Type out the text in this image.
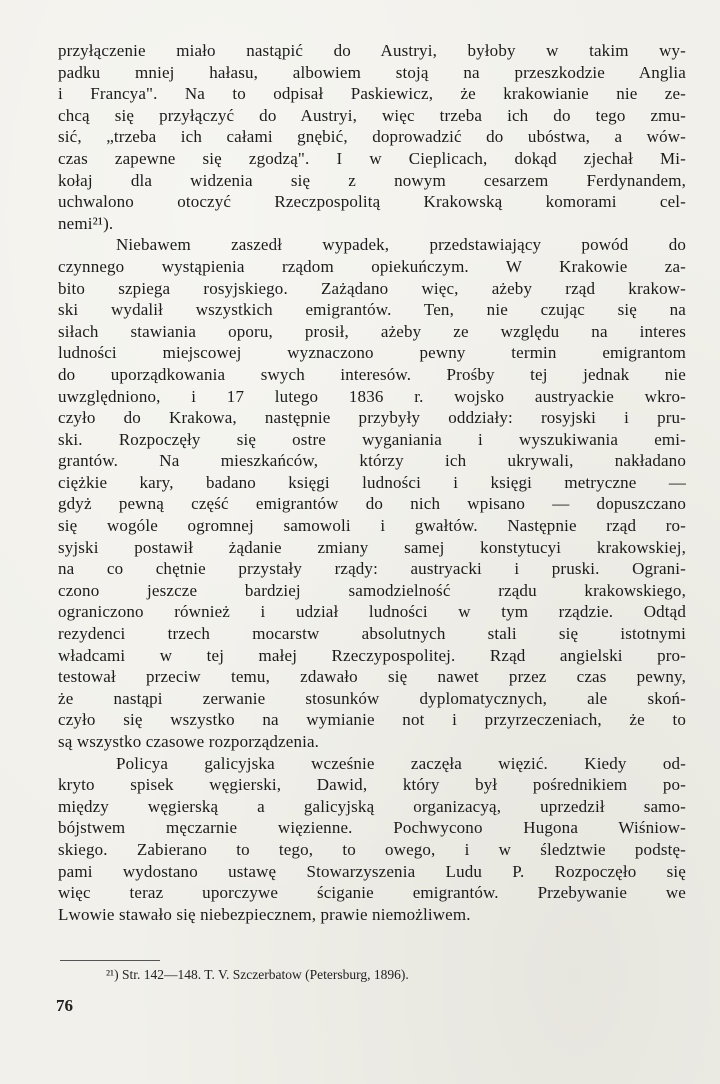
przyłączenie miało nastąpić do Austryi, byłoby w takim wy-
padku mniej hałasu, albowiem stoją na przeszkodzie Anglia
i Francya". Na to odpisał Paskiewicz, że krakowianie nie ze-
chcą się przyłączyć do Austryi, więc trzeba ich do tego zmu-
sić, „trzeba ich całami gnębić, doprowadzić do ubóstwa, a wów-
czas zapewne się zgodzą". I w Cieplicach, dokąd zjechał Mi-
kołaj dla widzenia się z nowym cesarzem Ferdynandem,
uchwalono otoczyć Rzeczpospolitą Krakowską komorami cel-
nemi²¹).
Niebawem zaszedł wypadek, przedstawiający powód do
czynnego wystąpienia rządom opiekuńczym. W Krakowie za-
bito szpiega rosyjskiego. Zażądano więc, ażeby rząd krakow-
ski wydalił wszystkich emigrantów. Ten, nie czując się na
siłach stawiania oporu, prosił, ażeby ze względu na interes
ludności miejscowej wyznaczono pewny termin emigrantom
do uporządkowania swych interesów. Prośby tej jednak nie
uwzględniono, i 17 lutego 1836 r. wojsko austryackie wkro-
czyło do Krakowa, następnie przybyły oddziały: rosyjski i pru-
ski. Rozpoczęły się ostre wyganiania i wyszukiwania emi-
grantów. Na mieszkańców, którzy ich ukrywali, nakładano
ciężkie kary, badano księgi ludności i księgi metryczne —
gdyż pewną część emigrantów do nich wpisano — dopuszczano
się wogóle ogromnej samowoli i gwałtów. Następnie rząd ro-
syjski postawił żądanie zmiany samej konstytucyi krakowskiej,
na co chętnie przystały rządy: austryacki i pruski. Ograni-
czono jeszcze bardziej samodzielność rządu krakowskiego,
ograniczono również i udział ludności w tym rządzie. Odtąd
rezydenci trzech mocarstw absolutnych stali się istotnymi
władcami w tej małej Rzeczypospolitej. Rząd angielski pro-
testował przeciw temu, zdawało się nawet przez czas pewny,
że nastąpi zerwanie stosunków dyplomatycznych, ale skoń-
czyło się wszystko na wymianie not i przyrzeczeniach, że to
są wszystko czasowe rozporządzenia.
Policya galicyjska wcześnie zaczęła więzić. Kiedy od-
kryto spisek węgierski, Dawid, który był pośrednikiem po-
między węgierską a galicyjską organizacyą, uprzedził samo-
bójstwem męczarnie więzienne. Pochwycono Hugona Wiśniow-
skiego. Zabierano to tego, to owego, i w śledztwie podstę-
pami wydostano ustawę Stowarzyszenia Ludu P. Rozpoczęło się
więc teraz uporczywe ściganie emigrantów. Przebywanie we
Lwowie stawało się niebezpiecznem, prawie niemożliwem.
²¹) Str. 142—148. T. V. Szczerbatow (Petersburg, 1896).
76
